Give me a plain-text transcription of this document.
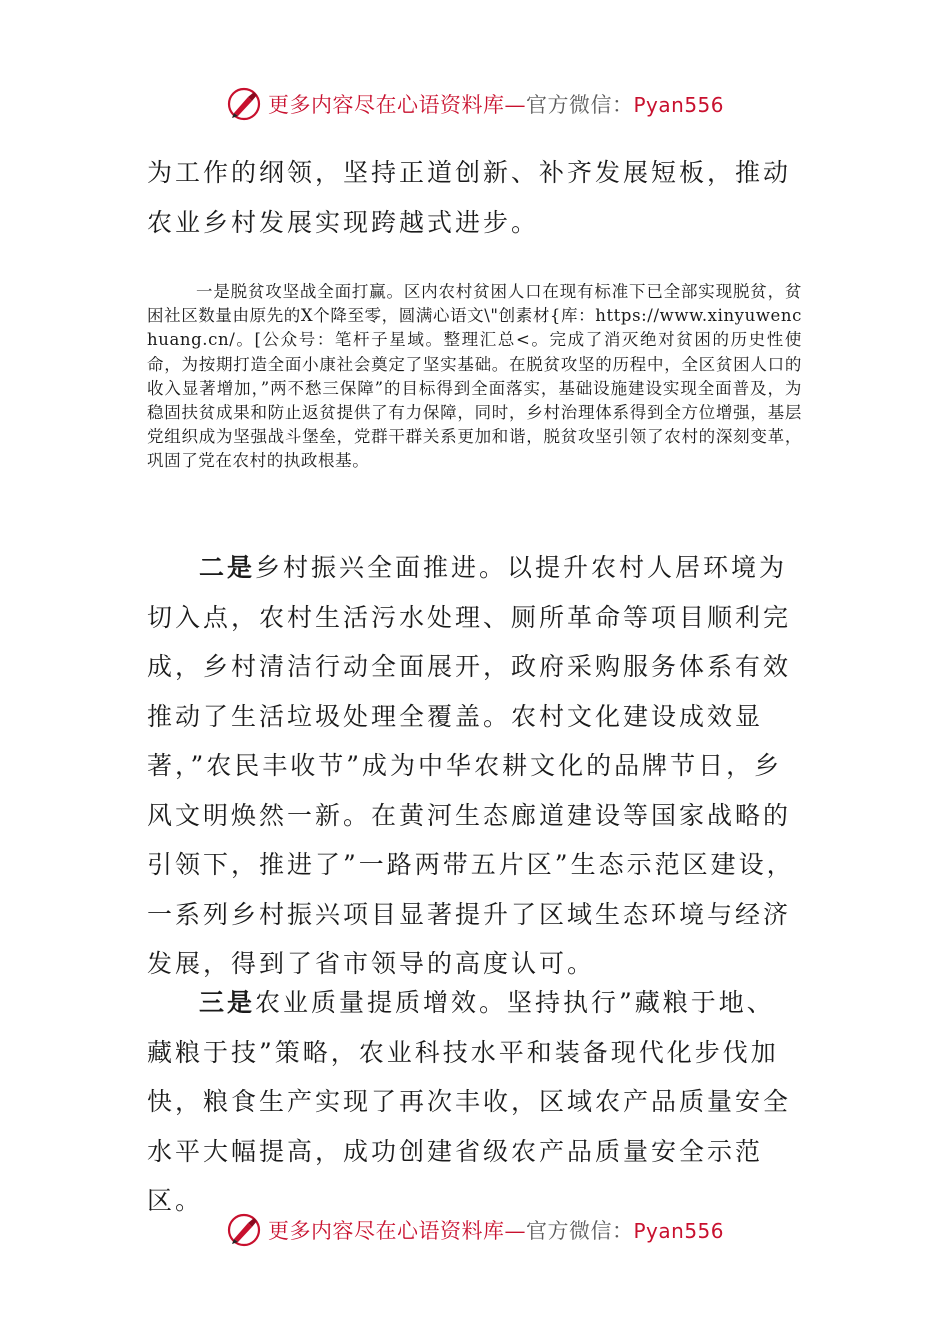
更多内容尽在心语资料库—官方微信：Pyan556

为工作的纲领，坚持正道创新、补齐发展短板，推动农业乡村发展实现跨越式进步。

一是脱贫攻坚战全面打赢。区内农村贫困人口在现有标准下已全部实现脱贫，贫困社区数量由原先的X个降至零，圆满心语文\"创素材{库：https://www.xinyuwenchuang.cn/。[公众号：笔杆子星域。整理汇总<。完成了消灭绝对贫困的历史性使命，为按期打造全面小康社会奠定了坚实基础。在脱贫攻坚的历程中，全区贫困人口的收入显著增加，”两不愁三保障”的目标得到全面落实，基础设施建设实现全面普及，为稳固扶贫成果和防止返贫提供了有力保障，同时，乡村治理体系得到全方位增强，基层党组织成为坚强战斗堡垒，党群干群关系更加和谐，脱贫攻坚引领了农村的深刻变革，巩固了党在农村的执政根基。

二是乡村振兴全面推进。以提升农村人居环境为切入点，农村生活污水处理、厕所革命等项目顺利完成，乡村清洁行动全面展开，政府采购服务体系有效推动了生活垃圾处理全覆盖。农村文化建设成效显著，”农民丰收节”成为中华农耕文化的品牌节日，乡风文明焕然一新。在黄河生态廊道建设等国家战略的引领下，推进了”一路两带五片区”生态示范区建设，一系列乡村振兴项目显著提升了区域生态环境与经济发展，得到了省市领导的高度认可。

三是农业质量提质增效。坚持执行”藏粮于地、藏粮于技”策略，农业科技水平和装备现代化步伐加快，粮食生产实现了再次丰收，区域农产品质量安全水平大幅提高，成功创建省级农产品质量安全示范区。

更多内容尽在心语资料库—官方微信：Pyan556
